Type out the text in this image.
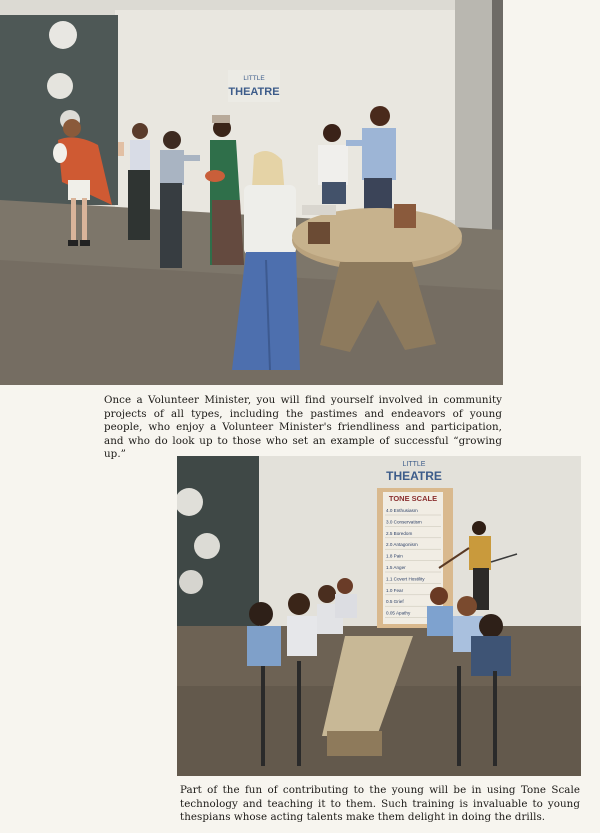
LITTLE
THEATRE

Once a Volunteer Minister, you will find yourself involved in community projects of all types, including the pastimes and endeavors of young people, who enjoy a Volunteer Minister's friendliness and participation, and who do look up to those who set an example of successful “growing up.”

LITTLE
THEATRE
TONE SCALE
4.0 Enthusiasm
3.0 Conservatism
2.5 Boredom
2.0 Antagonism
1.8 Pain
1.5 Anger
1.1 Covert Hostility
1.0 Fear
0.5 Grief
0.05 Apathy

Part of the fun of contributing to the young will be in using Tone Scale technology and teaching it to them. Such training is invaluable to young thespians whose acting talents make them delight in doing the drills.
